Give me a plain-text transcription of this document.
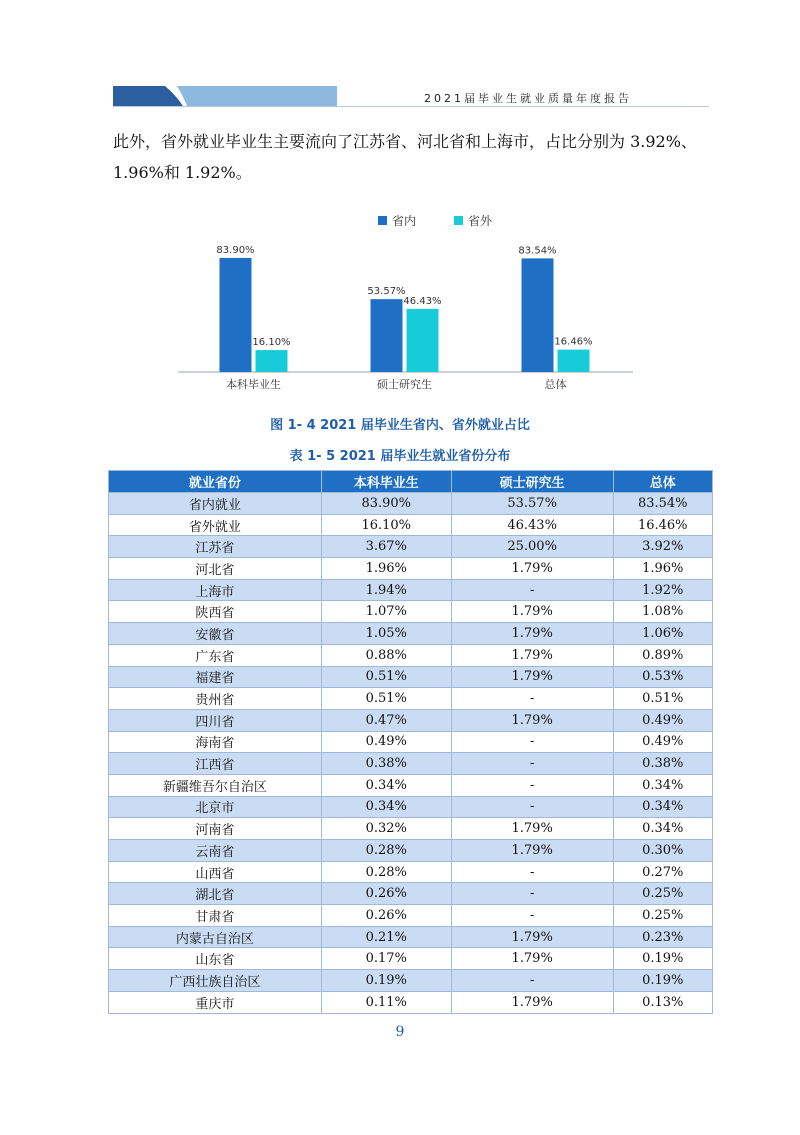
2021届毕业生就业质量年度报告
此外，省外就业毕业生主要流向了江苏省、河北省和上海市，占比分别为 3.92%、1.96%和 1.92%。
83.90%
16.10%
本科毕业生
53.57%
46.43%
硕士研究生
83.54%
16.46%
总体
省内	省外
图 1- 4 2021 届毕业生省内、省外就业占比
表 1- 5 2021 届毕业生就业省份分布
就业省份	本科毕业生	硕士研究生	总体
省内就业	83.90%	53.57%	83.54%
省外就业	16.10%	46.43%	16.46%
江苏省	3.67%	25.00%	3.92%
河北省	1.96%	1.79%	1.96%
上海市	1.94%	-	1.92%
陕西省	1.07%	1.79%	1.08%
安徽省	1.05%	1.79%	1.06%
广东省	0.88%	1.79%	0.89%
福建省	0.51%	1.79%	0.53%
贵州省	0.51%	-	0.51%
四川省	0.47%	1.79%	0.49%
海南省	0.49%	-	0.49%
江西省	0.38%	-	0.38%
新疆维吾尔自治区	0.34%	-	0.34%
北京市	0.34%	-	0.34%
河南省	0.32%	1.79%	0.34%
云南省	0.28%	1.79%	0.30%
山西省	0.28%	-	0.27%
湖北省	0.26%	-	0.25%
甘肃省	0.26%	-	0.25%
内蒙古自治区	0.21%	1.79%	0.23%
山东省	0.17%	1.79%	0.19%
广西壮族自治区	0.19%	-	0.19%
重庆市	0.11%	1.79%	0.13%
9
